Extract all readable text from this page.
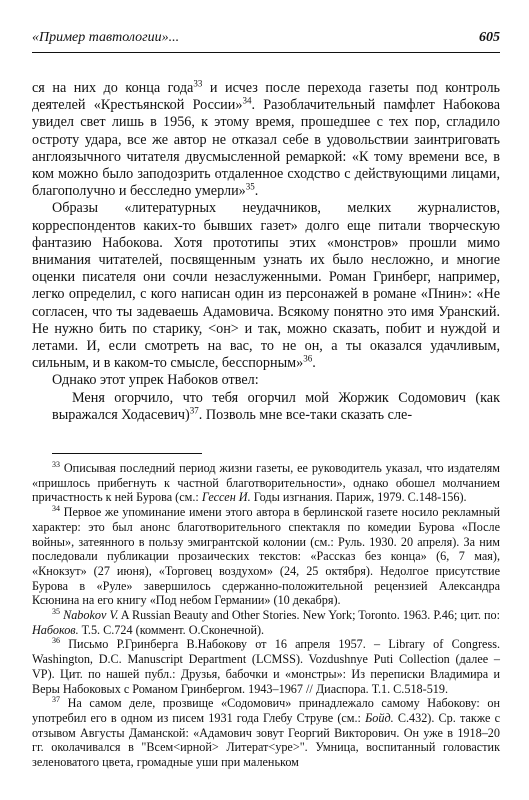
«Пример тавтологии»...	605

ся на них до конца года$^{33}$ и исчез после перехода газеты под контроль деятелей «Крестьянской России»$^{34}$. Разоблачительный памфлет Набокова увидел свет лишь в 1956, к этому время, прошедшее с тех пор, сгладило остроту удара, все же автор не отказал себе в удовольствии заинтриговать англоязычного читателя двусмысленной ремаркой: «К тому времени все, в ком можно было заподозрить отдаленное сходство с действующими лицами, благополучно и бесследно умерли»$^{35}$.

Образы «литературных неудачников, мелких журналистов, корреспондентов каких-то бывших газет» долго еще питали творческую фантазию Набокова. Хотя прототипы этих «монстров» прошли мимо внимания читателей, посвященным узнать их было несложно, и многие оценки писателя они сочли незаслуженными. Роман Гринберг, например, легко определил, с кого написан один из персонажей в романе «Пнин»: «Не согласен, что ты задеваешь Адамовича. Всякому понятно это имя Уранский. Не нужно бить по старику, <он> и так, можно сказать, побит и нуждой и летами. И, если смотреть на вас, то не он, а ты оказался удачливым, сильным, и в каком-то смысле, бесспорным»$^{36}$.

Однако этот упрек Набоков отвел:

Меня огорчило, что тебя огорчил мой Жоржик Содомович (как выражался Ходасевич)$^{37}$. Позволь мне все-таки сказать сле-

$^{33}$ Описывая последний период жизни газеты, ее руководитель указал, что издателям «пришлось прибегнуть к частной благотворительности», однако обошел молчанием причастность к ней Бурова (см.: Гессен И. Годы изгнания. Париж, 1979. С.148-156).

$^{34}$ Первое же упоминание имени этого автора в берлинской газете носило рекламный характер: это был анонс благотворительного спектакля по комедии Бурова «После войны», затеянного в пользу эмигрантской колонии (см.: Руль. 1930. 20 апреля). За ним последовали публикации прозаических текстов: «Рассказ без конца» (6, 7 мая), «Кнокзут» (27 июня), «Торговец воздухом» (24, 25 октября). Недолгое присутствие Бурова в «Руле» завершилось сдержанно-положительной рецензией Александра Ксюнина на его книгу «Под небом Германии» (10 декабря).

$^{35}$ Nabokov V. A Russian Beauty and Other Stories. New York; Toronto. 1963. P.46; цит. по: Набоков. Т.5. С.724 (коммент. О.Сконечной).

$^{36}$ Письмо Р.Гринберга В.Набокову от 16 апреля 1957. – Library of Congress. Washington, D.C. Manuscript Department (LCMSS). Vozdushnye Puti Collection (далее – VP). Цит. по нашей публ.: Друзья, бабочки и «монстры»: Из переписки Владимира и Веры Набоковых с Романом Гринбергом. 1943–1967 // Диаспора. Т.1. С.518-519.

$^{37}$ На самом деле, прозвище «Содомович» принадлежало самому Набокову: он употребил его в одном из писем 1931 года Глебу Струве (см.: Бойд. С.432). Ср. также с отзывом Августы Даманской: «Адамович зовут Георгий Викторович. Он уже в 1918–20 гг. околачивался в "Всем<ирной> Литерат<уре>". Умница, воспитанный головастик зеленоватого цвета, громадные уши при маленьком
